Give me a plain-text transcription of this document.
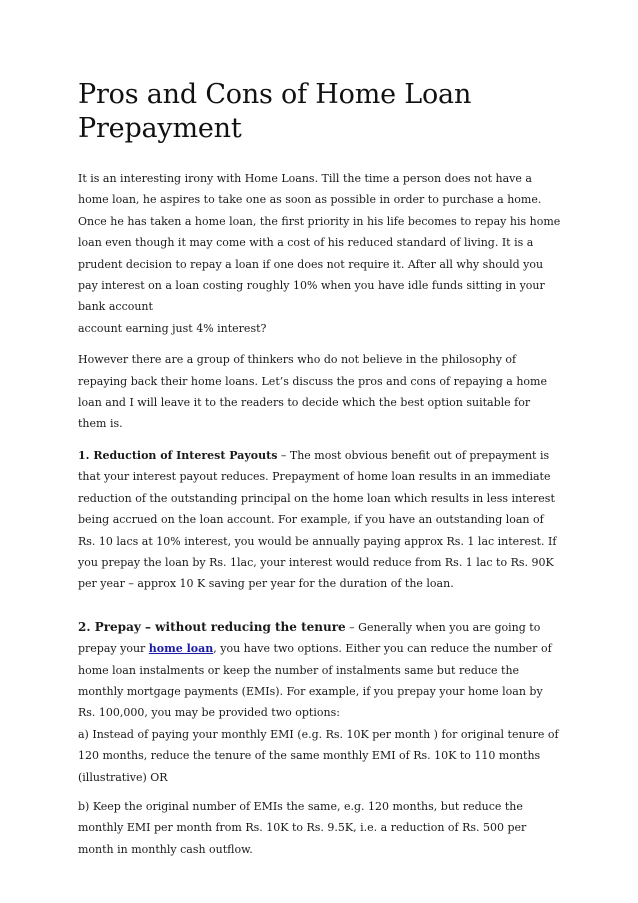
Pros and Cons of Home Loan Prepayment

It is an interesting irony with Home Loans. Till the time a person does not have a home loan, he aspires to take one as soon as possible in order to purchase a home. Once he has taken a home loan, the first priority in his life becomes to repay his home loan even though it may come with a cost of his reduced standard of living. It is a prudent decision to repay a loan if one does not require it. After all why should you pay interest on a loan costing roughly 10% when you have idle funds sitting in your bank account
account earning just 4% interest?

However there are a group of thinkers who do not believe in the philosophy of repaying back their home loans. Let’s discuss the pros and cons of repaying a home loan and I will leave it to the readers to decide which the best option suitable for them is.

1. Reduction of Interest Payouts – The most obvious benefit out of prepayment is that your interest payout reduces. Prepayment of home loan results in an immediate reduction of the outstanding principal on the home loan which results in less interest being accrued on the loan account. For example, if you have an outstanding loan of Rs. 10 lacs at 10% interest, you would be annually paying approx Rs. 1 lac interest. If you prepay the loan by Rs. 1lac, your interest would reduce from Rs. 1 lac to Rs. 90K per year – approx 10 K saving per year for the duration of the loan.

2. Prepay – without reducing the tenure – Generally when you are going to prepay your home loan, you have two options. Either you can reduce the number of home loan instalments or keep the number of instalments same but reduce the monthly mortgage payments (EMIs). For example, if you prepay your home loan by Rs. 100,000, you may be provided two options:
a) Instead of paying your monthly EMI (e.g. Rs. 10K per month ) for original tenure of 120 months, reduce the tenure of the same monthly EMI of Rs. 10K to 110 months (illustrative) OR

b) Keep the original number of EMIs the same, e.g. 120 months, but reduce the monthly EMI per month from Rs. 10K to Rs. 9.5K, i.e. a reduction of Rs. 500 per month in monthly cash outflow.
